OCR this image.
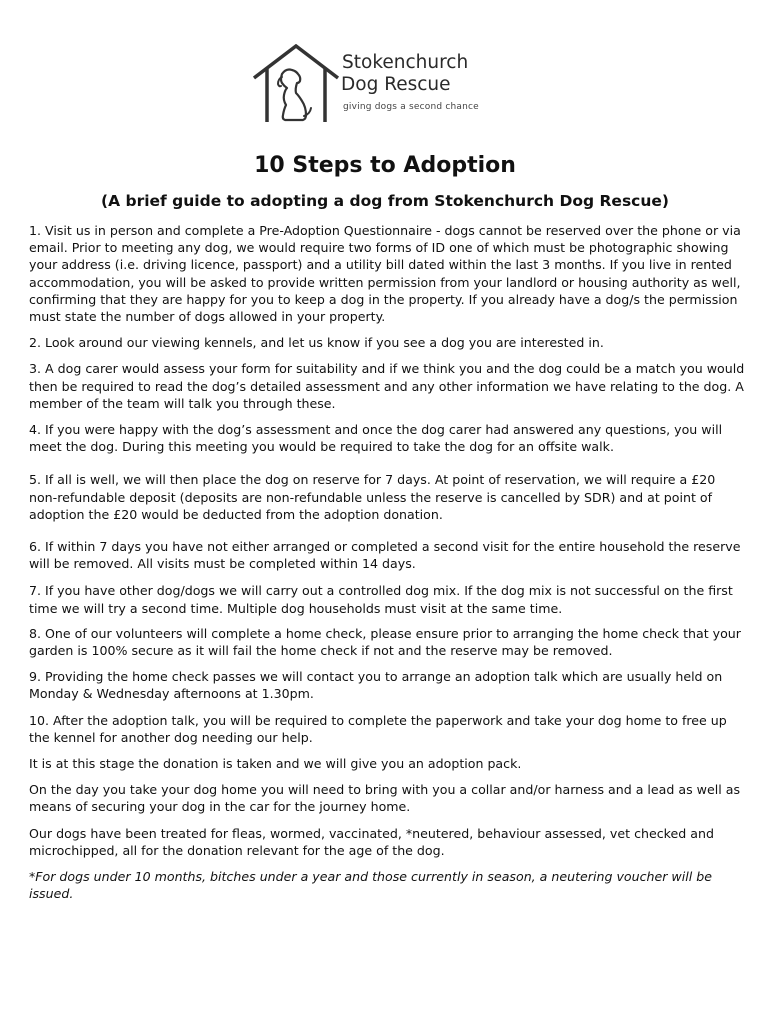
Stokenchurch
Dog Rescue
giving dogs a second chance
10 Steps to Adoption
(A brief guide to adopting a dog from Stokenchurch Dog Rescue)

1. Visit us in person and complete a Pre-Adoption Questionnaire - dogs cannot be reserved over the phone or via email. Prior to meeting any dog, we would require two forms of ID one of which must be photographic showing your address (i.e. driving licence, passport) and a utility bill dated within the last 3 months. If you live in rented accommodation, you will be asked to provide written permission from your landlord or housing authority as well, confirming that they are happy for you to keep a dog in the property. If you already have a dog/s the permission must state the number of dogs allowed in your property.

2. Look around our viewing kennels, and let us know if you see a dog you are interested in.

3. A dog carer would assess your form for suitability and if we think you and the dog could be a match you would then be required to read the dog’s detailed assessment and any other information we have relating to the dog. A member of the team will talk you through these.

4. If you were happy with the dog’s assessment and once the dog carer had answered any questions, you will meet the dog. During this meeting you would be required to take the dog for an offsite walk.

5. If all is well, we will then place the dog on reserve for 7 days. At point of reservation, we will require a £20 non-refundable deposit (deposits are non-refundable unless the reserve is cancelled by SDR) and at point of adoption the £20 would be deducted from the adoption donation.

6. If within 7 days you have not either arranged or completed a second visit for the entire household the reserve will be removed. All visits must be completed within 14 days.

7. If you have other dog/dogs we will carry out a controlled dog mix. If the dog mix is not successful on the first time we will try a second time. Multiple dog households must visit at the same time.

8. One of our volunteers will complete a home check, please ensure prior to arranging the home check that your garden is 100% secure as it will fail the home check if not and the reserve may be removed.

9. Providing the home check passes we will contact you to arrange an adoption talk which are usually held on Monday & Wednesday afternoons at 1.30pm.

10. After the adoption talk, you will be required to complete the paperwork and take your dog home to free up the kennel for another dog needing our help.

It is at this stage the donation is taken and we will give you an adoption pack.

On the day you take your dog home you will need to bring with you a collar and/or harness and a lead as well as means of securing your dog in the car for the journey home.

Our dogs have been treated for fleas, wormed, vaccinated, *neutered, behaviour assessed, vet checked and microchipped, all for the donation relevant for the age of the dog.

*For dogs under 10 months, bitches under a year and those currently in season, a neutering voucher will be issued.
